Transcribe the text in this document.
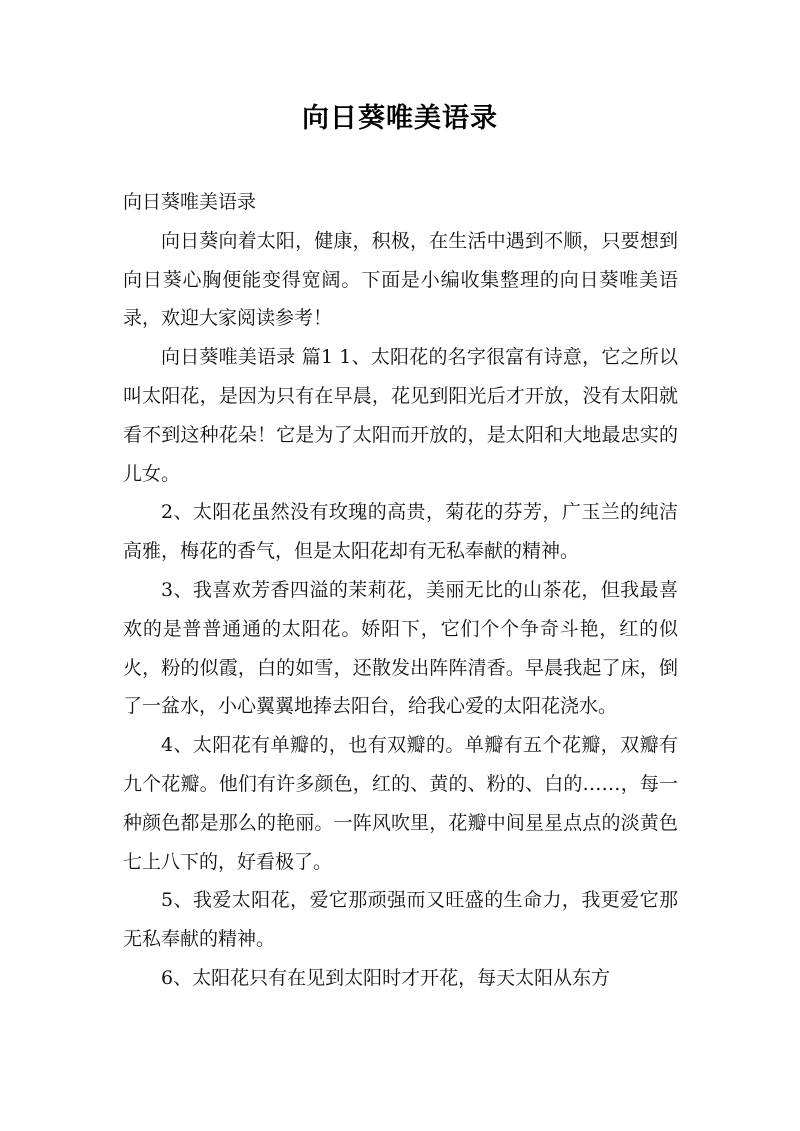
向日葵唯美语录

向日葵唯美语录

向日葵向着太阳，健康，积极，在生活中遇到不顺，只要想到向日葵心胸便能变得宽阔。下面是小编收集整理的向日葵唯美语录，欢迎大家阅读参考！

向日葵唯美语录 篇1 1、太阳花的名字很富有诗意，它之所以叫太阳花，是因为只有在早晨，花见到阳光后才开放，没有太阳就看不到这种花朵！它是为了太阳而开放的，是太阳和大地最忠实的儿女。

2、太阳花虽然没有玫瑰的高贵，菊花的芬芳，广玉兰的纯洁高雅，梅花的香气，但是太阳花却有无私奉献的精神。

3、我喜欢芳香四溢的茉莉花，美丽无比的山茶花，但我最喜欢的是普普通通的太阳花。娇阳下，它们个个争奇斗艳，红的似火，粉的似霞，白的如雪，还散发出阵阵清香。早晨我起了床，倒了一盆水，小心翼翼地捧去阳台，给我心爱的太阳花浇水。

4、太阳花有单瓣的，也有双瓣的。单瓣有五个花瓣，双瓣有九个花瓣。他们有许多颜色，红的、黄的、粉的、白的……，每一种颜色都是那么的艳丽。一阵风吹里，花瓣中间星星点点的淡黄色七上八下的，好看极了。

5、我爱太阳花，爱它那顽强而又旺盛的生命力，我更爱它那无私奉献的精神。

6、太阳花只有在见到太阳时才开花，每天太阳从东方
